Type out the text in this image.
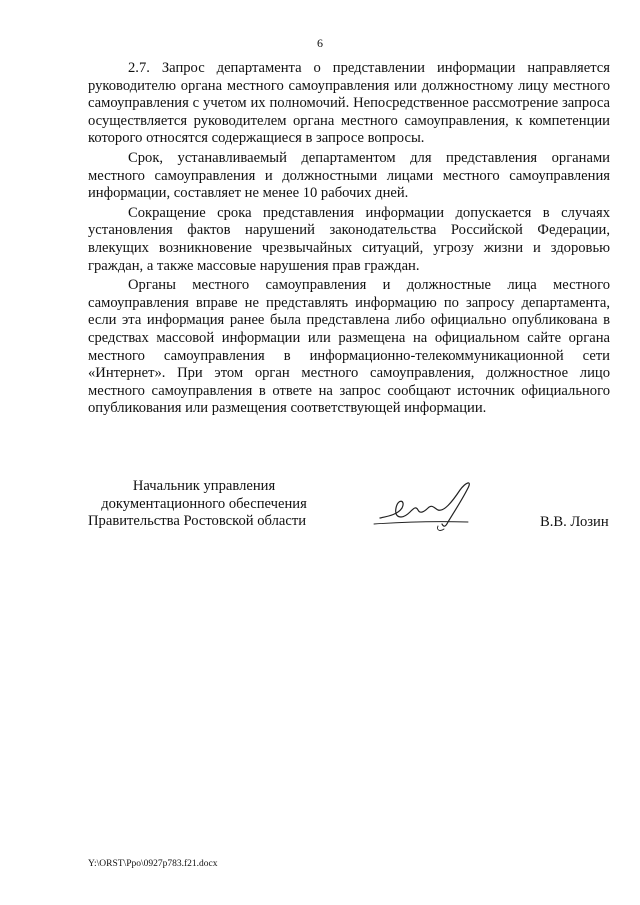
6

2.7. Запрос департамента о представлении информации направляется руководителю органа местного самоуправления или должностному лицу местного самоуправления с учетом их полномочий. Непосредственное рассмотрение запроса осуществляется руководителем органа местного самоуправления, к компетенции которого относятся содержащиеся в запросе вопросы.

Срок, устанавливаемый департаментом для представления органами местного самоуправления и должностными лицами местного самоуправления информации, составляет не менее 10 рабочих дней.

Сокращение срока представления информации допускается в случаях установления фактов нарушений законодательства Российской Федерации, влекущих возникновение чрезвычайных ситуаций, угрозу жизни и здоровью граждан, а также массовые нарушения прав граждан.

Органы местного самоуправления и должностные лица местного самоуправления вправе не представлять информацию по запросу департамента, если эта информация ранее была представлена либо официально опубликована в средствах массовой информации или размещена на официальном сайте органа местного самоуправления в информационно-телекоммуникационной сети «Интернет». При этом орган местного самоуправления, должностное лицо местного самоуправления в ответе на запрос сообщают источник официального опубликования или размещения соответствующей информации.

Начальник управления
документационного обеспечения
Правительства Ростовской области	В.В. Лозин
Y:\ORST\Ppo\0927p783.f21.docx
